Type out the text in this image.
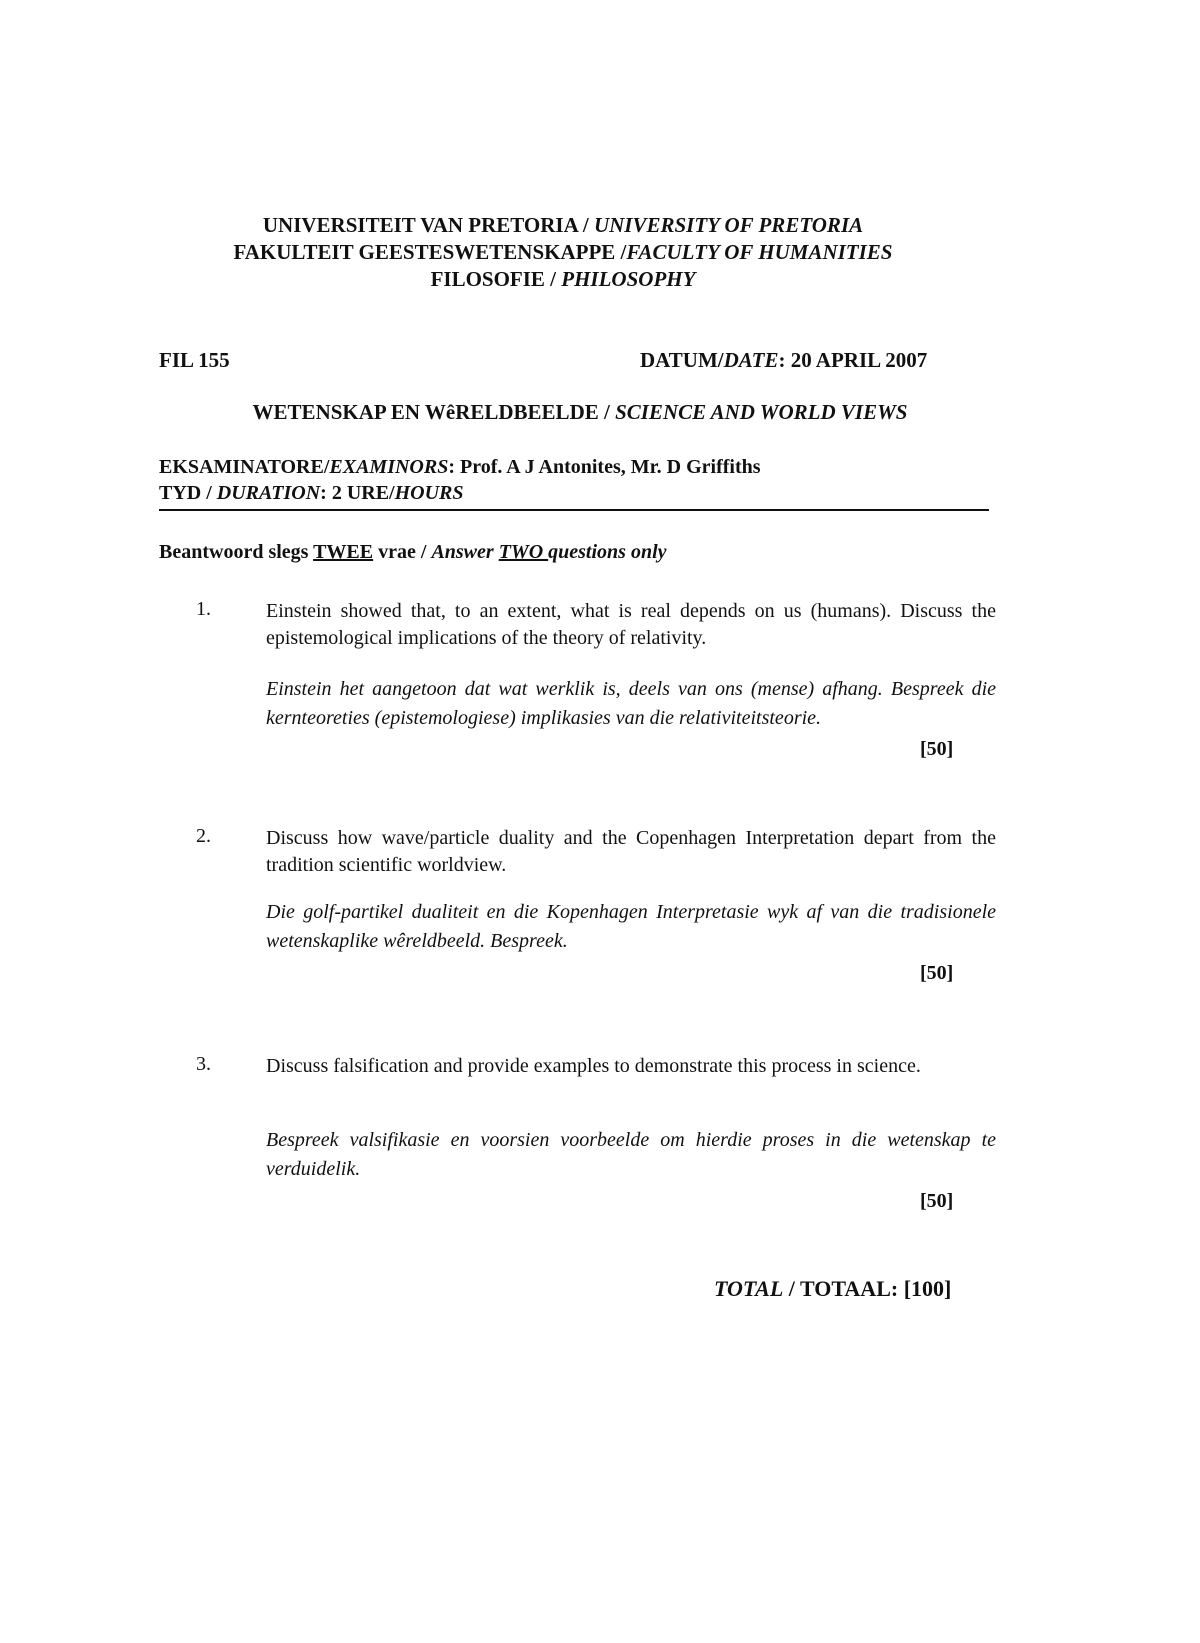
UNIVERSITEIT VAN PRETORIA / UNIVERSITY OF PRETORIA
FAKULTEIT GEESTESWETENSKAPPE /FACULTY OF HUMANITIES
FILOSOFIE / PHILOSOPHY
FIL 155	DATUM/DATE: 20 APRIL 2007
WETENSKAP EN WêRELDBEELDE / SCIENCE AND WORLD VIEWS
EKSAMINATORE/EXAMINORS: Prof. A J Antonites, Mr. D Griffiths
TYD / DURATION: 2 URE/HOURS
Beantwoord slegs TWEE vrae / Answer TWO questions only
1.	Einstein showed that, to an extent, what is real depends on us (humans). Discuss the epistemological implications of the theory of relativity.
Einstein het aangetoon dat wat werklik is, deels van ons (mense) afhang. Bespreek die kernteoreties (epistemologiese) implikasies van die relativiteitsteorie.
[50]
2.	Discuss how wave/particle duality and the Copenhagen Interpretation depart from the tradition scientific worldview.
Die golf-partikel dualiteit en die Kopenhagen Interpretasie wyk af van die tradisionele wetenskaplike wêreldbeeld. Bespreek.
[50]
3.	Discuss falsification and provide examples to demonstrate this process in science.
Bespreek valsifikasie en voorsien voorbeelde om hierdie proses in die wetenskap te verduidelik.
[50]
TOTAL / TOTAAL: [100]
